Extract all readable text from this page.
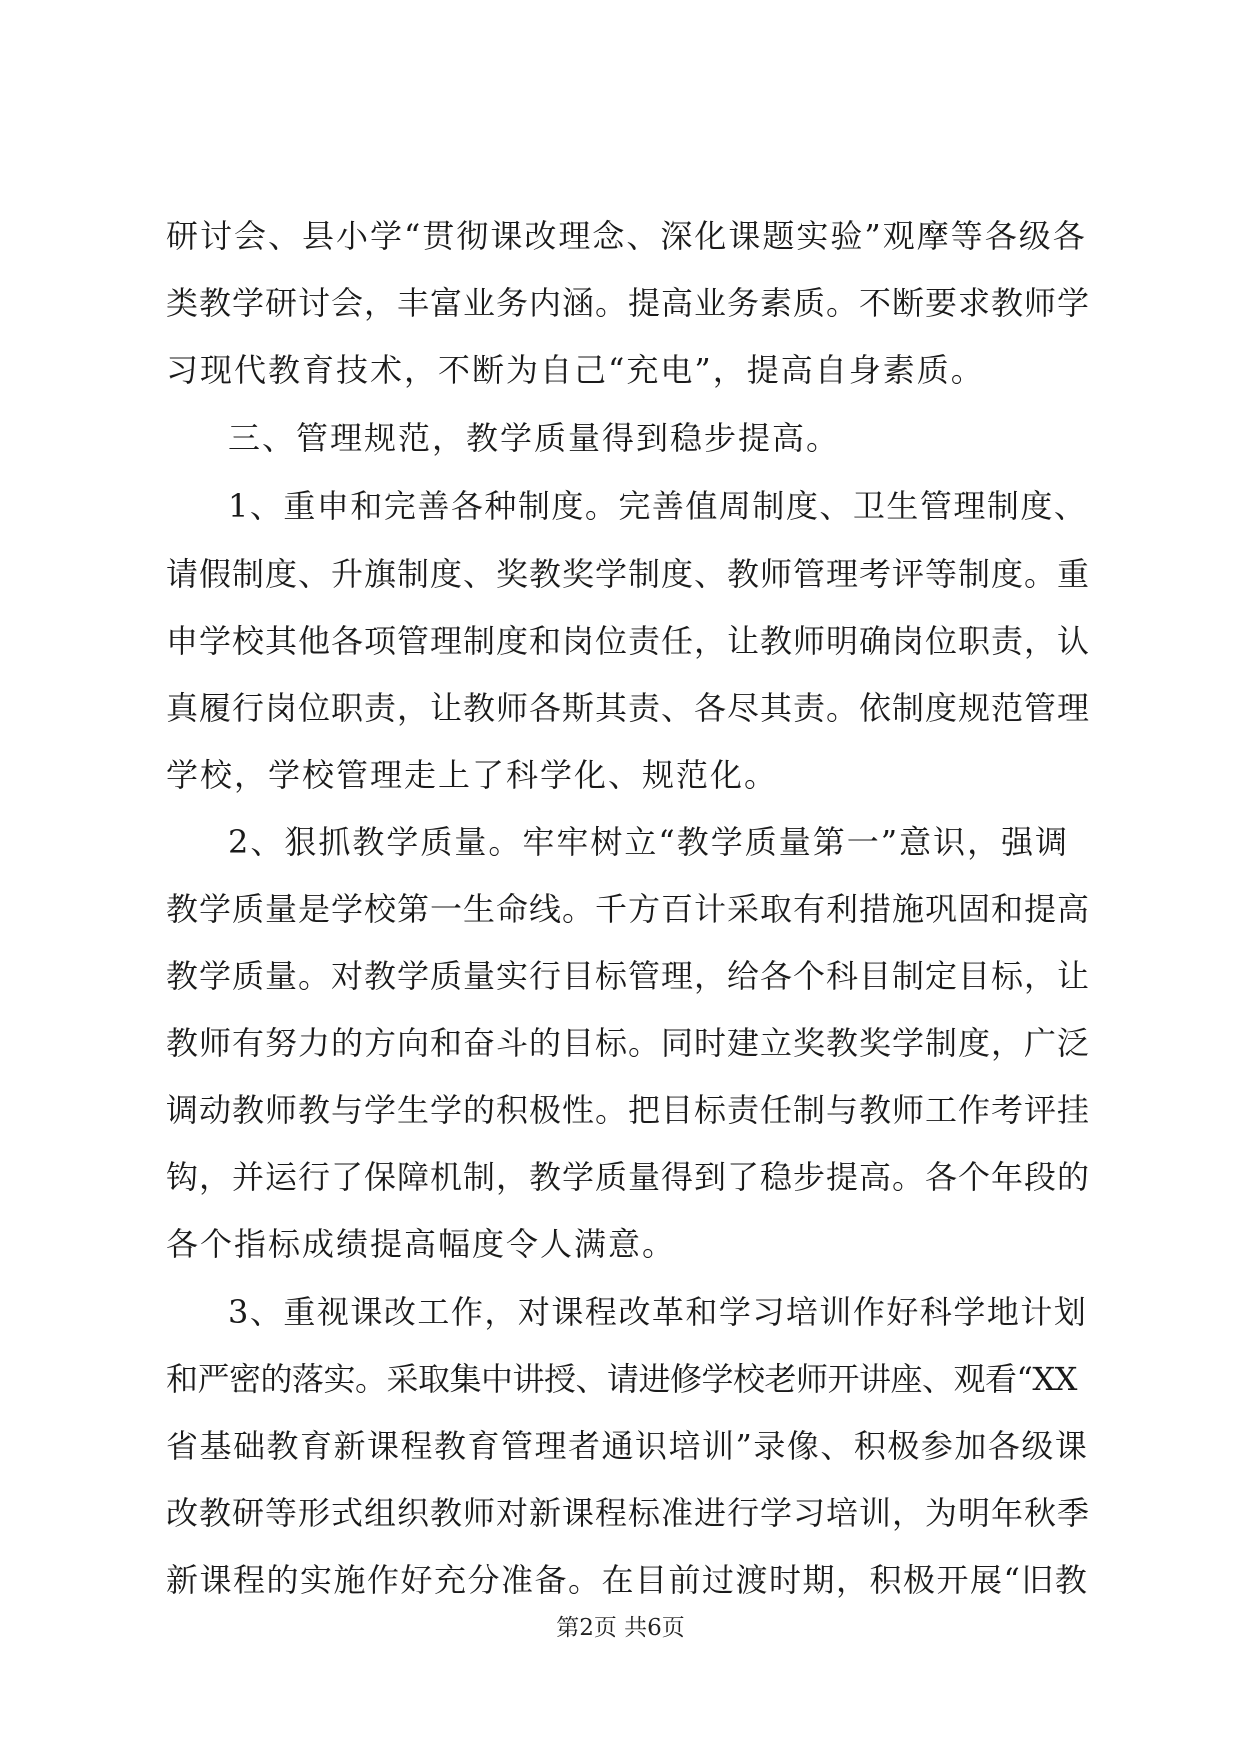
研讨会、县小学“贯彻课改理念、深化课题实验”观摩等各级各
类教学研讨会，丰富业务内涵。提高业务素质。不断要求教师学
习现代教育技术，不断为自己“充电”，提高自身素质。
三、管理规范，教学质量得到稳步提高。
1、重申和完善各种制度。完善值周制度、卫生管理制度、
请假制度、升旗制度、奖教奖学制度、教师管理考评等制度。重
申学校其他各项管理制度和岗位责任，让教师明确岗位职责，认
真履行岗位职责，让教师各斯其责、各尽其责。依制度规范管理
学校，学校管理走上了科学化、规范化。
2、狠抓教学质量。牢牢树立“教学质量第一”意识，强调
教学质量是学校第一生命线。千方百计采取有利措施巩固和提高
教学质量。对教学质量实行目标管理，给各个科目制定目标，让
教师有努力的方向和奋斗的目标。同时建立奖教奖学制度，广泛
调动教师教与学生学的积极性。把目标责任制与教师工作考评挂
钩，并运行了保障机制，教学质量得到了稳步提高。各个年段的
各个指标成绩提高幅度令人满意。
3、重视课改工作，对课程改革和学习培训作好科学地计划
和严密的落实。采取集中讲授、请进修学校老师开讲座、观看“XX
省基础教育新课程教育管理者通识培训”录像、积极参加各级课
改教研等形式组织教师对新课程标准进行学习培训，为明年秋季
新课程的实施作好充分准备。在目前过渡时期，积极开展“旧教
第2页 共6页
